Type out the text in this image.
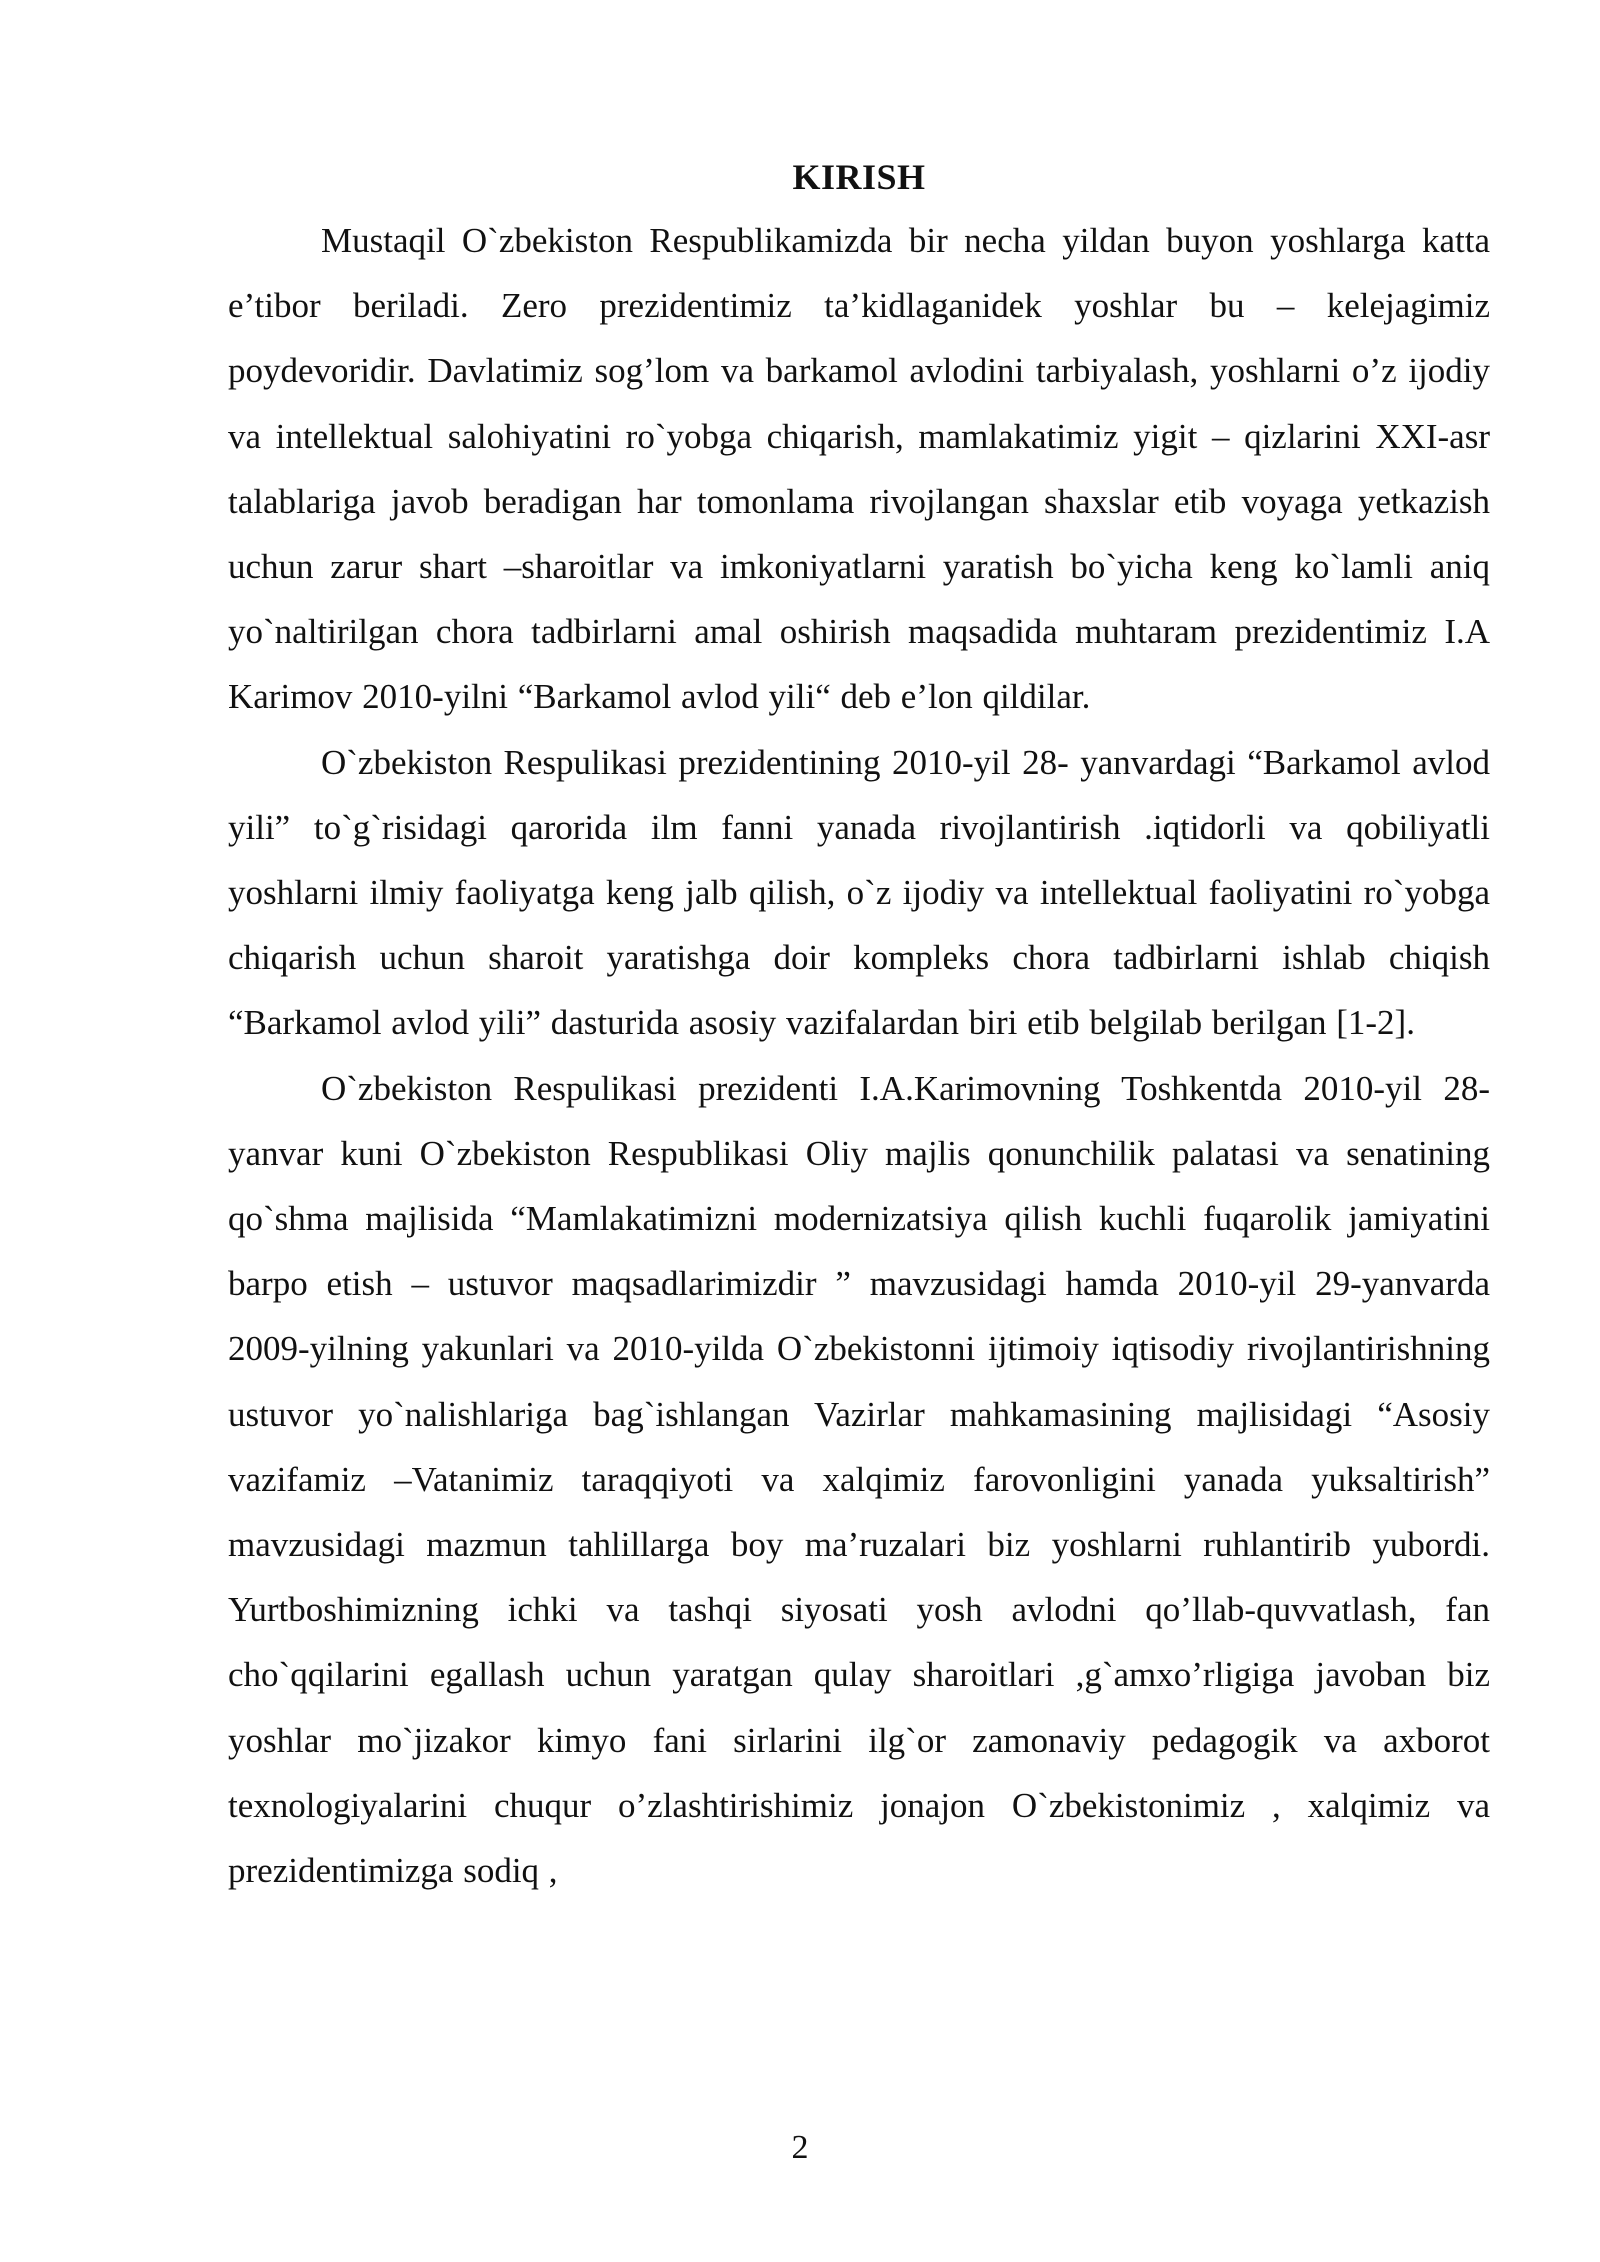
KIRISH

Mustaqil O`zbekiston Respublikamizda bir necha yildan buyon yoshlarga katta e’tibor beriladi. Zero prezidentimiz ta’kidlaganidek yoshlar bu – kelejagimiz poydevoridir. Davlatimiz sog’lom va barkamol avlodini tarbiyalash, yoshlarni o’z ijodiy va intellektual salohiyatini ro`yobga chiqarish, mamlakatimiz yigit – qizlarini XXI-asr talablariga javob beradigan har tomonlama rivojlangan shaxslar etib voyaga yetkazish uchun zarur shart –sharoitlar va imkoniyatlarni yaratish bo`yicha keng ko`lamli aniq yo`naltirilgan chora tadbirlarni amal oshirish maqsadida muhtaram prezidentimiz I.A Karimov 2010-yilni “Barkamol avlod yili“ deb e’lon qildilar.

O`zbekiston Respulikasi prezidentining 2010-yil 28- yanvardagi “Barkamol avlod yili” to`g`risidagi qarorida ilm fanni yanada rivojlantirish .iqtidorli va qobiliyatli yoshlarni ilmiy faoliyatga keng jalb qilish, o`z ijodiy va intellektual faoliyatini ro`yobga chiqarish uchun sharoit yaratishga doir kompleks chora tadbirlarni ishlab chiqish “Barkamol avlod yili” dasturida asosiy vazifalardan biri etib belgilab berilgan [1-2].

O`zbekiston Respulikasi prezidenti I.A.Karimovning Toshkentda 2010-yil 28-yanvar kuni O`zbekiston Respublikasi Oliy majlis qonunchilik palatasi va senatining qo`shma majlisida “Mamlakatimizni modernizatsiya qilish kuchli fuqarolik jamiyatini barpo etish – ustuvor maqsadlarimizdir ” mavzusidagi hamda 2010-yil 29-yanvarda 2009-yilning yakunlari va 2010-yilda O`zbekistonni ijtimoiy iqtisodiy rivojlantirishning ustuvor yo`nalishlariga bag`ishlangan Vazirlar mahkamasining majlisidagi “Asosiy vazifamiz –Vatanimiz taraqqiyoti va xalqimiz farovonligini yanada yuksaltirish” mavzusidagi mazmun tahlillarga boy ma’ruzalari biz yoshlarni ruhlantirib yubordi. Yurtboshimizning ichki va tashqi siyosati yosh avlodni qo’llab-quvvatlash, fan cho`qqilarini egallash uchun yaratgan qulay sharoitlari ,g`amxo’rligiga javoban biz yoshlar mo`jizakor kimyo fani sirlarini ilg`or zamonaviy pedagogik va axborot texnologiyalarini chuqur o’zlashtirishimiz jonajon O`zbekistonimiz , xalqimiz va prezidentimizga sodiq ,

2
